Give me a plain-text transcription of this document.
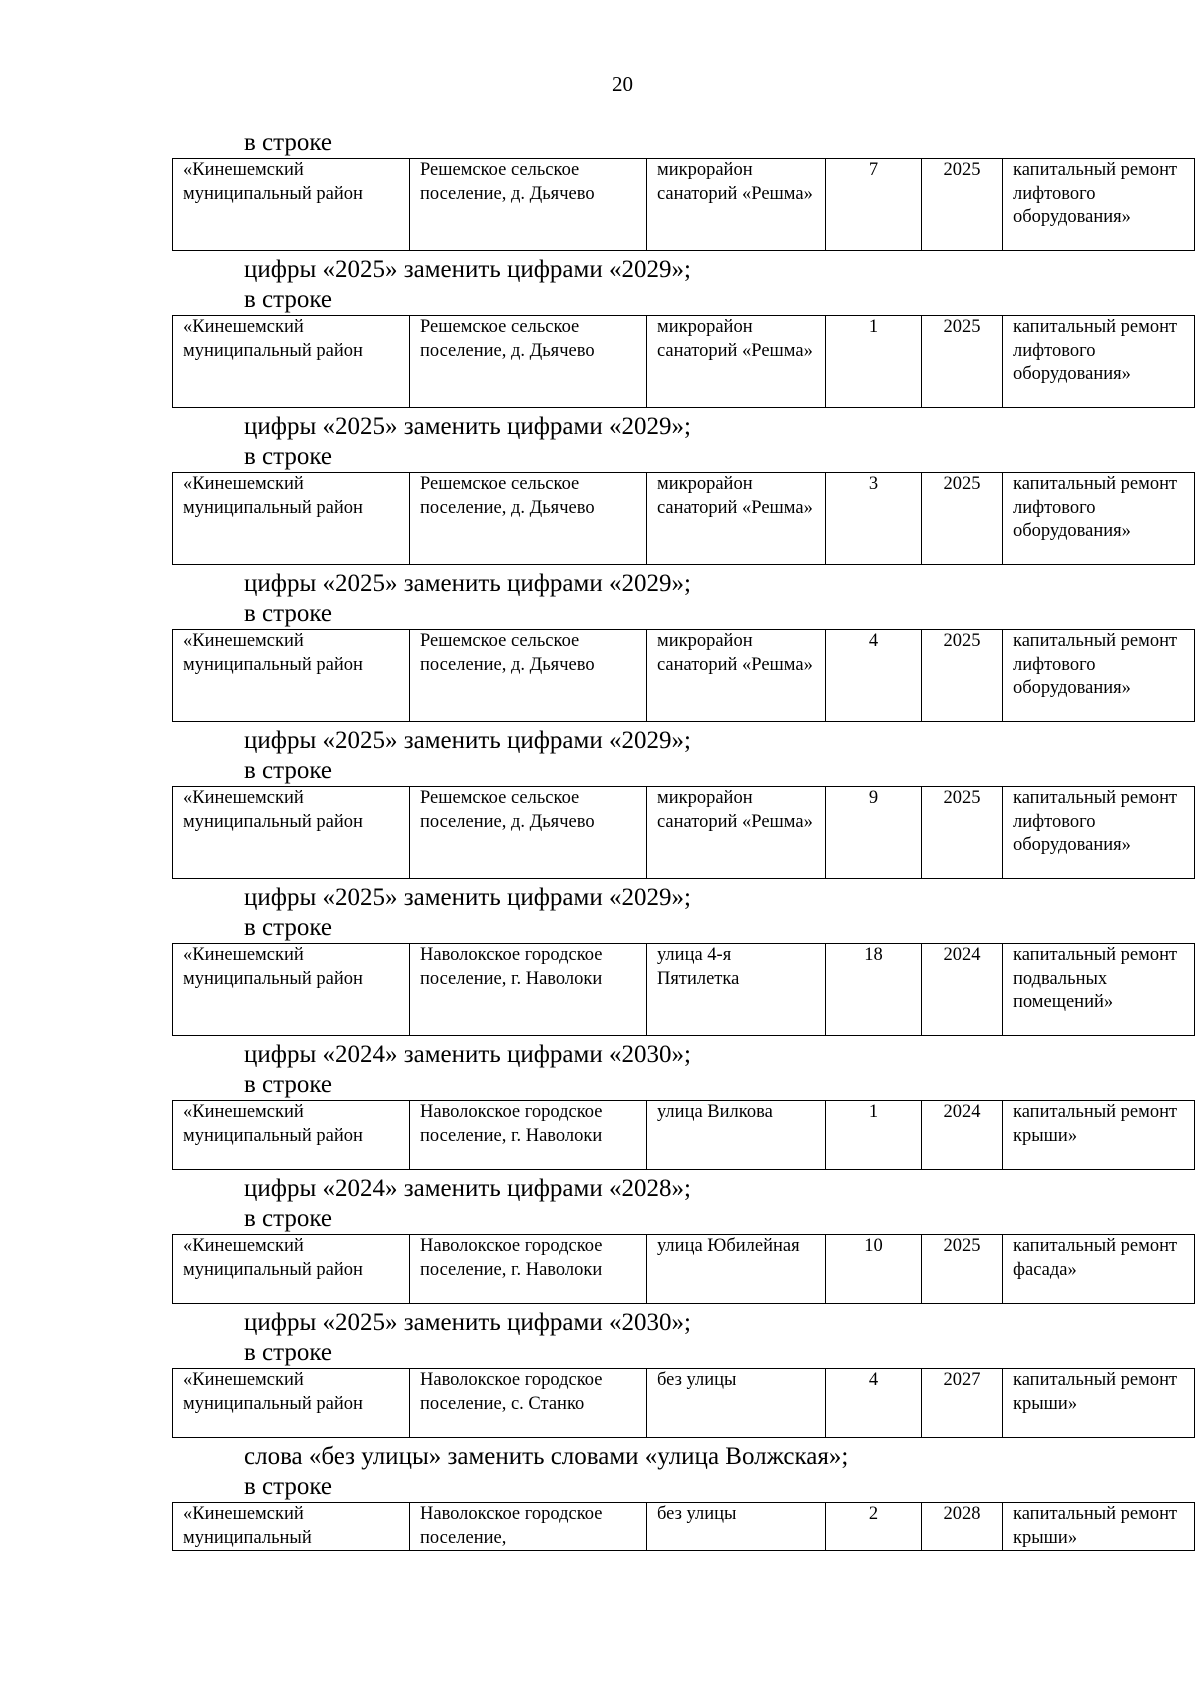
20
в строке
«Кинешемский муниципальный район	Решемское сельское поселение, д. Дьячево	микрорайон санаторий «Решма»	7	2025	капитальный ремонт лифтового оборудования»
цифры «2025» заменить цифрами «2029»;
в строке
«Кинешемский муниципальный район	Решемское сельское поселение, д. Дьячево	микрорайон санаторий «Решма»	1	2025	капитальный ремонт лифтового оборудования»
цифры «2025» заменить цифрами «2029»;
в строке
«Кинешемский муниципальный район	Решемское сельское поселение, д. Дьячево	микрорайон санаторий «Решма»	3	2025	капитальный ремонт лифтового оборудования»
цифры «2025» заменить цифрами «2029»;
в строке
«Кинешемский муниципальный район	Решемское сельское поселение, д. Дьячево	микрорайон санаторий «Решма»	4	2025	капитальный ремонт лифтового оборудования»
цифры «2025» заменить цифрами «2029»;
в строке
«Кинешемский муниципальный район	Решемское сельское поселение, д. Дьячево	микрорайон санаторий «Решма»	9	2025	капитальный ремонт лифтового оборудования»
цифры «2025» заменить цифрами «2029»;
в строке
«Кинешемский муниципальный район	Наволокское городское поселение, г. Наволоки	улица 4-я Пятилетка	18	2024	капитальный ремонт подвальных помещений»
цифры «2024» заменить цифрами «2030»;
в строке
«Кинешемский муниципальный район	Наволокское городское поселение, г. Наволоки	улица Вилкова	1	2024	капитальный ремонт крыши»
цифры «2024» заменить цифрами «2028»;
в строке
«Кинешемский муниципальный район	Наволокское городское поселение, г. Наволоки	улица Юбилейная	10	2025	капитальный ремонт фасада»
цифры «2025» заменить цифрами «2030»;
в строке
«Кинешемский муниципальный район	Наволокское городское поселение, с. Станко	без улицы	4	2027	капитальный ремонт крыши»
слова «без улицы» заменить словами «улица Волжская»;
в строке
«Кинешемский муниципальный	Наволокское городское поселение,	без улицы	2	2028	капитальный ремонт крыши»
